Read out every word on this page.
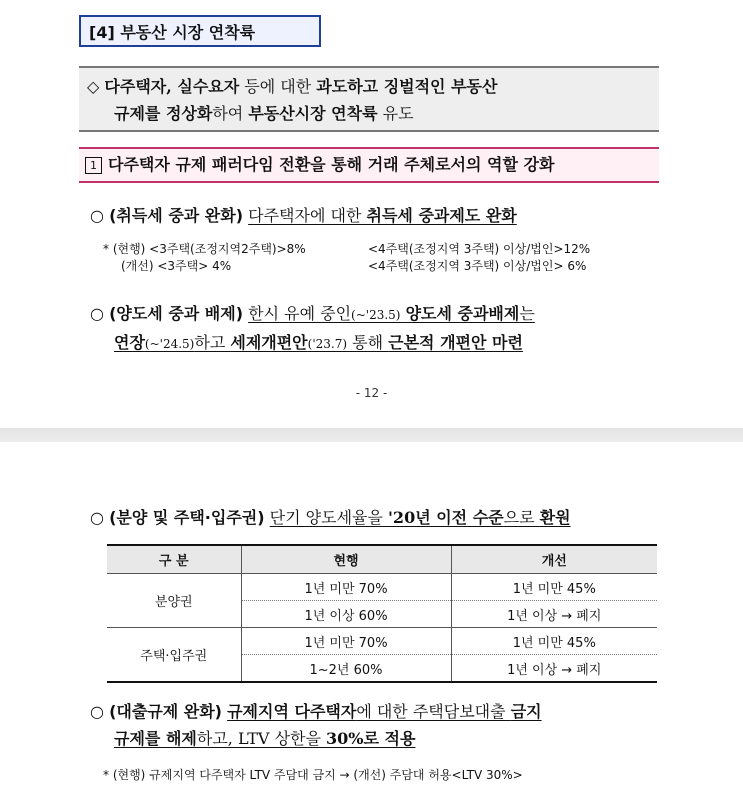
[4] 부동산 시장 연착륙
◇ 다주택자, 실수요자 등에 대한 과도하고 징벌적인 부동산
규제를 정상화하여 부동산시장 연착륙 유도
1 다주택자 규제 패러다임 전환을 통해 거래 주체로서의 역할 강화
○ (취득세 중과 완화) 다주택자에 대한 취득세 중과제도 완화
* (현행) <3주택(조정지역2주택)>8%	<4주택(조정지역 3주택) 이상/법인>12%
(개선) <3주택> 4%	<4주택(조정지역 3주택) 이상/법인> 6%
○ (양도세 중과 배제) 한시 유예 중인(~'23.5) 양도세 중과배제는
연장(~'24.5)하고 세제개편안('23.7) 통해 근본적 개편안 마련
- 12 -
○ (분양 및 주택·입주권) 단기 양도세율을 '20년 이전 수준으로 환원
구 분	현행	개선
분양권	1년 미만 70%	1년 미만 45%
	1년 이상 60%	1년 이상 → 폐지
주택·입주권	1년 미만 70%	1년 미만 45%
	1~2년 60%	1년 이상 → 폐지
○ (대출규제 완화) 규제지역 다주택자에 대한 주택담보대출 금지
규제를 해제하고, LTV 상한을 30%로 적용
* (현행) 규제지역 다주택자 LTV 주담대 금지 → (개선) 주담대 허용<LTV 30%>
